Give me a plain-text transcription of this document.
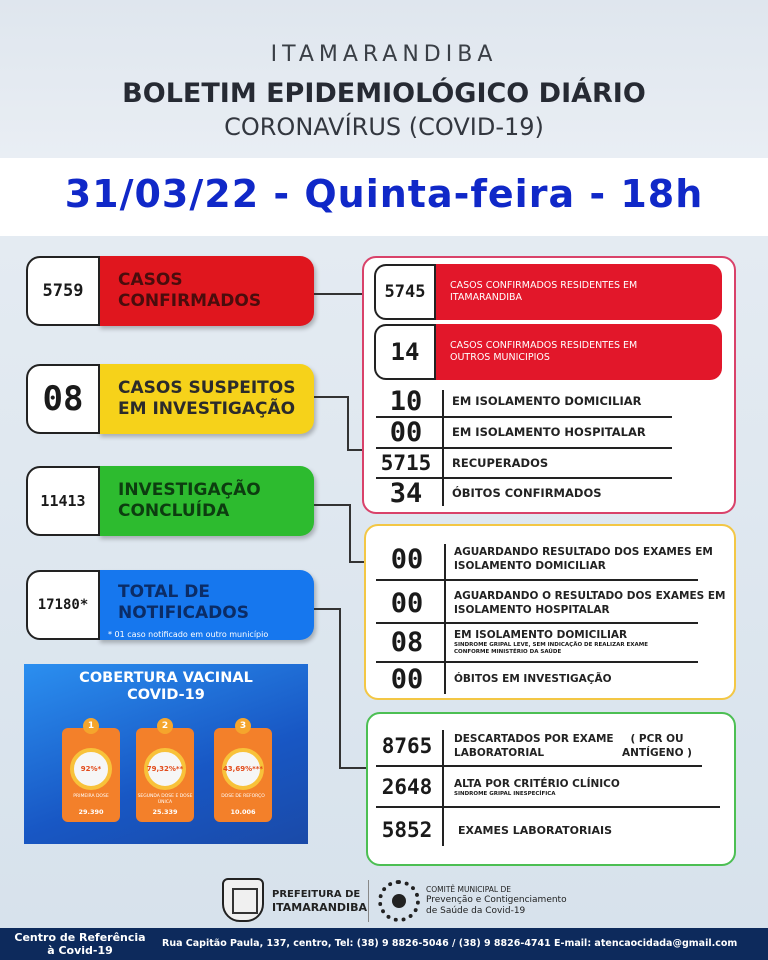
ITAMARANDIBA
BOLETIM EPIDEMIOLÓGICO DIÁRIO
CORONAVÍRUS (COVID-19)
31/03/22 - Quinta-feira - 18h
5759
CASOS CONFIRMADOS
08	CASOS SUSPEITOS EM INVESTIGAÇÃO
11413
INVESTIGAÇÃO CONCLUÍDA
17180*
TOTAL DE NOTIFICADOS
* 01 caso notificado em outro município
5745	CASOS CONFIRMADOS RESIDENTES EM ITAMARANDIBA
14	CASOS CONFIRMADOS RESIDENTES EM OUTROS MUNICIPIOS
10	EM ISOLAMENTO DOMICILIAR
00	EM ISOLAMENTO HOSPITALAR
5715	RECUPERADOS
34	ÓBITOS CONFIRMADOS
00	AGUARDANDO RESULTADO DOS EXAMES EM ISOLAMENTO DOMICILIAR
00	AGUARDANDO O RESULTADO DOS EXAMES EM ISOLAMENTO HOSPITALAR
08	EM ISOLAMENTO DOMICILIAR
SINDROME GRIPAL LEVE, SEM INDICAÇÃO DE REALIZAR EXAME CONFORME MINISTÉRIO DA SAÚDE
00	ÓBITOS EM INVESTIGAÇÃO
8765	DESCARTADOS POR EXAME LABORATORIAL
( PCR OU ANTÍGENO )
2648	ALTA POR CRITÉRIO CLÍNICO
SINDROME GRIPAL INESPECÍFICA
5852	EXAMES LABORATORIAIS
COBERTURA VACINAL
COVID-19
1
92%*
PRIMEIRA DOSE
29.390
2
79,32%**
SEGUNDA DOSE E DOSE ÚNICA
25.339
3
43,69%***
DOSE DE REFORÇO
10.006
PREFEITURA DE
ITAMARANDIBA
COMITÊ MUNICIPAL DE
Prevenção e Contigenciamento
de Saúde da Covid-19
Centro de Referência
à Covid-19
Rua Capitão Paula, 137, centro, Tel: (38) 9 8826-5046 / (38) 9 8826-4741 E-mail: atencaocidada@gmail.com
